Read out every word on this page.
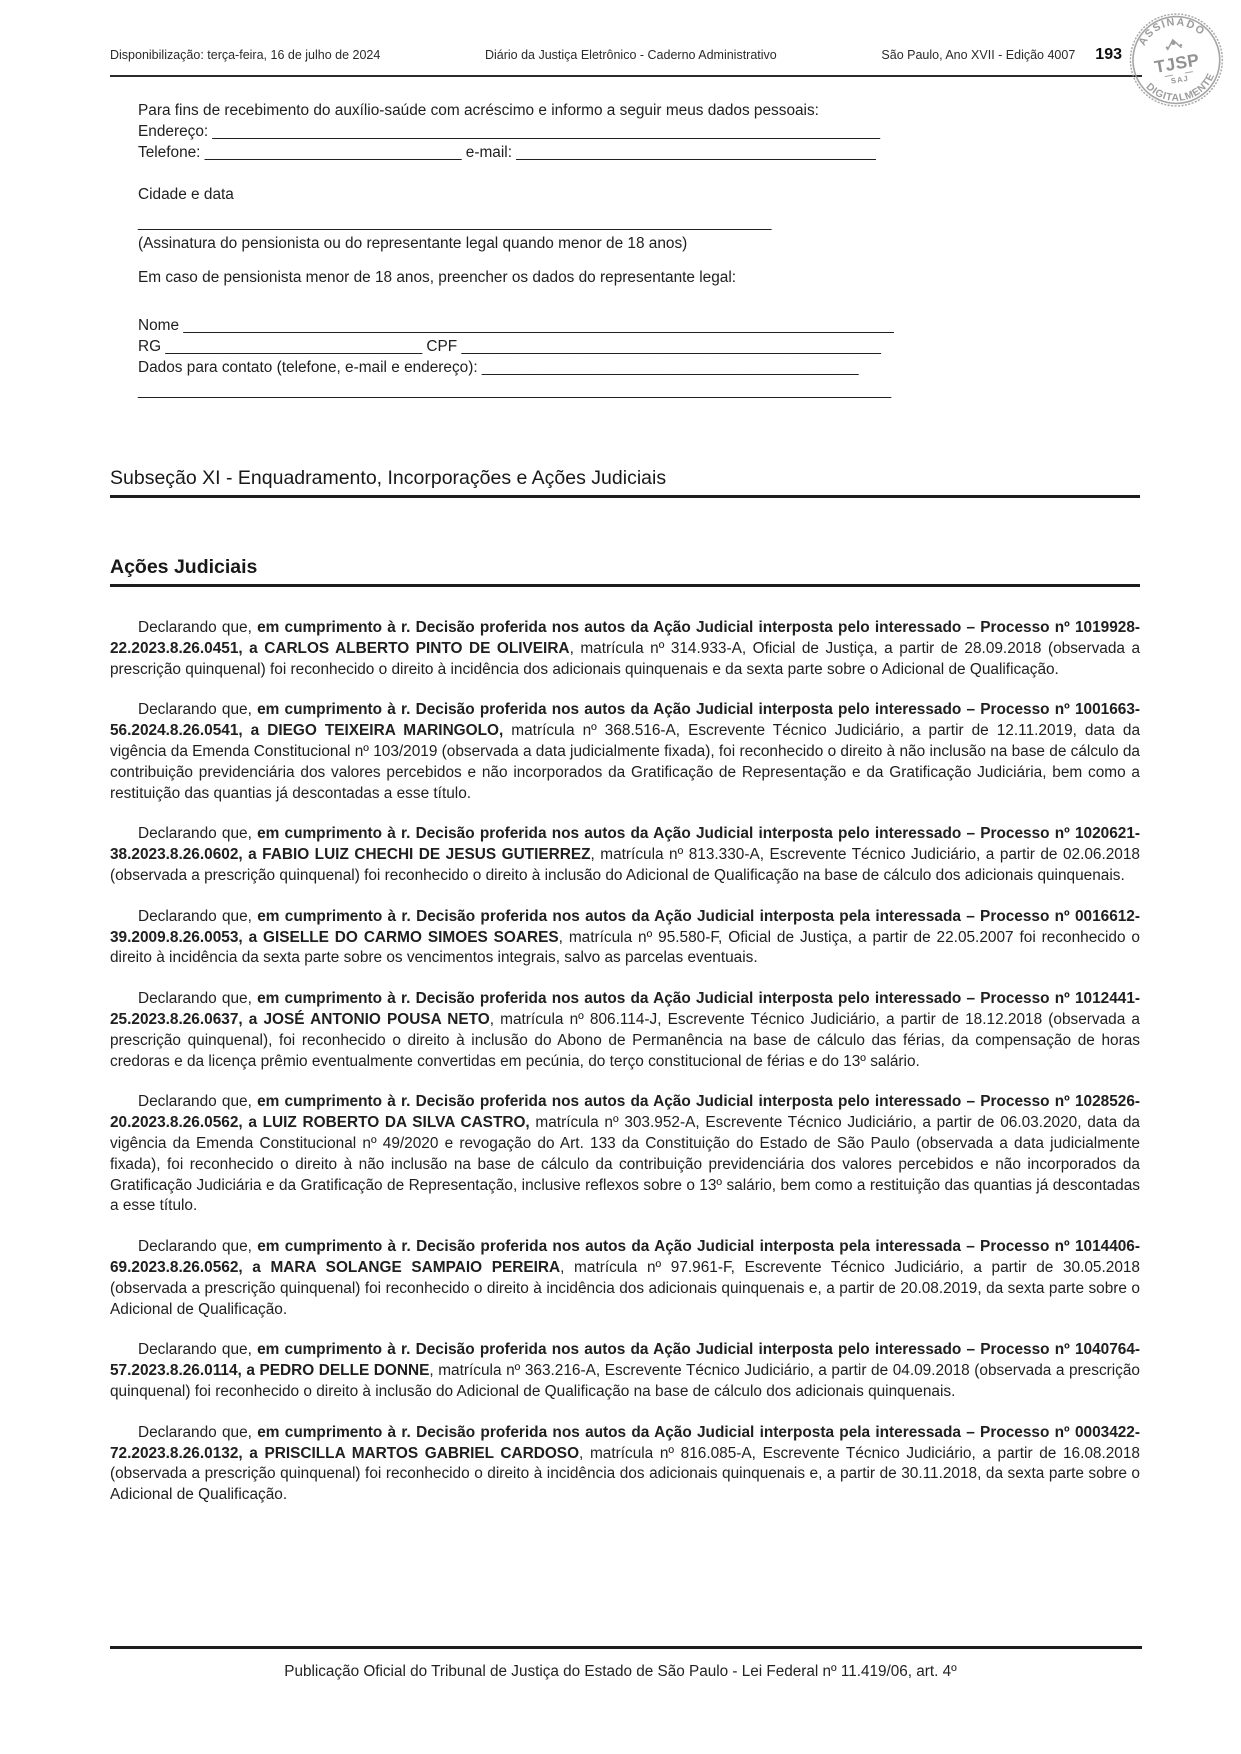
Disponibilização: terça-feira, 16 de julho de 2024	Diário da Justiça Eletrônico - Caderno Administrativo	São Paulo, Ano XVII - Edição 4007 193
ASSINADO
DIGITALMENTE
TJSP
SAJ
Para fins de recebimento do auxílio-saúde com acréscimo e informo a seguir meus dados pessoais:
Endereço: ______________________________________________________________________________
Telefone: ______________________________ e-mail: __________________________________________
Cidade e data
__________________________________________________________________________
(Assinatura do pensionista ou do representante legal quando menor de 18 anos)
Em caso de pensionista menor de 18 anos, preencher os dados do representante legal:
Nome ___________________________________________________________________________________
RG ______________________________ CPF _________________________________________________
Dados para contato (telefone, e-mail e endereço): ____________________________________________
________________________________________________________________________________________
Subseção XI - Enquadramento, Incorporações e Ações Judiciais
Ações Judiciais

Declarando que, em cumprimento à r. Decisão proferida nos autos da Ação Judicial interposta pelo interessado – Processo nº 1019928-22.2023.8.26.0451, a CARLOS ALBERTO PINTO DE OLIVEIRA, matrícula nº 314.933-A, Oficial de Justiça, a partir de 28.09.2018 (observada a prescrição quinquenal) foi reconhecido o direito à incidência dos adicionais quinquenais e da sexta parte sobre o Adicional de Qualificação.

Declarando que, em cumprimento à r. Decisão proferida nos autos da Ação Judicial interposta pelo interessado – Processo nº 1001663-56.2024.8.26.0541, a DIEGO TEIXEIRA MARINGOLO, matrícula nº 368.516-A, Escrevente Técnico Judiciário, a partir de 12.11.2019, data da vigência da Emenda Constitucional nº 103/2019 (observada a data judicialmente fixada), foi reconhecido o direito à não inclusão na base de cálculo da contribuição previdenciária dos valores percebidos e não incorporados da Gratificação de Representação e da Gratificação Judiciária, bem como a restituição das quantias já descontadas a esse título.

Declarando que, em cumprimento à r. Decisão proferida nos autos da Ação Judicial interposta pelo interessado – Processo nº 1020621-38.2023.8.26.0602, a FABIO LUIZ CHECHI DE JESUS GUTIERREZ, matrícula nº 813.330-A, Escrevente Técnico Judiciário, a partir de 02.06.2018 (observada a prescrição quinquenal) foi reconhecido o direito à inclusão do Adicional de Qualificação na base de cálculo dos adicionais quinquenais.

Declarando que, em cumprimento à r. Decisão proferida nos autos da Ação Judicial interposta pela interessada – Processo nº 0016612-39.2009.8.26.0053, a GISELLE DO CARMO SIMOES SOARES, matrícula nº 95.580-F, Oficial de Justiça, a partir de 22.05.2007 foi reconhecido o direito à incidência da sexta parte sobre os vencimentos integrais, salvo as parcelas eventuais.

Declarando que, em cumprimento à r. Decisão proferida nos autos da Ação Judicial interposta pelo interessado – Processo nº 1012441-25.2023.8.26.0637, a JOSÉ ANTONIO POUSA NETO, matrícula nº 806.114-J, Escrevente Técnico Judiciário, a partir de 18.12.2018 (observada a prescrição quinquenal), foi reconhecido o direito à inclusão do Abono de Permanência na base de cálculo das férias, da compensação de horas credoras e da licença prêmio eventualmente convertidas em pecúnia, do terço constitucional de férias e do 13º salário.

Declarando que, em cumprimento à r. Decisão proferida nos autos da Ação Judicial interposta pelo interessado – Processo nº 1028526-20.2023.8.26.0562, a LUIZ ROBERTO DA SILVA CASTRO, matrícula nº 303.952-A, Escrevente Técnico Judiciário, a partir de 06.03.2020, data da vigência da Emenda Constitucional nº 49/2020 e revogação do Art. 133 da Constituição do Estado de São Paulo (observada a data judicialmente fixada), foi reconhecido o direito à não inclusão na base de cálculo da contribuição previdenciária dos valores percebidos e não incorporados da Gratificação Judiciária e da Gratificação de Representação, inclusive reflexos sobre o 13º salário, bem como a restituição das quantias já descontadas a esse título.

Declarando que, em cumprimento à r. Decisão proferida nos autos da Ação Judicial interposta pela interessada – Processo nº 1014406-69.2023.8.26.0562, a MARA SOLANGE SAMPAIO PEREIRA, matrícula nº 97.961-F, Escrevente Técnico Judiciário, a partir de 30.05.2018 (observada a prescrição quinquenal) foi reconhecido o direito à incidência dos adicionais quinquenais e, a partir de 20.08.2019, da sexta parte sobre o Adicional de Qualificação.

Declarando que, em cumprimento à r. Decisão proferida nos autos da Ação Judicial interposta pelo interessado – Processo nº 1040764-57.2023.8.26.0114, a PEDRO DELLE DONNE, matrícula nº 363.216-A, Escrevente Técnico Judiciário, a partir de 04.09.2018 (observada a prescrição quinquenal) foi reconhecido o direito à inclusão do Adicional de Qualificação na base de cálculo dos adicionais quinquenais.

Declarando que, em cumprimento à r. Decisão proferida nos autos da Ação Judicial interposta pela interessada – Processo nº 0003422-72.2023.8.26.0132, a PRISCILLA MARTOS GABRIEL CARDOSO, matrícula nº 816.085-A, Escrevente Técnico Judiciário, a partir de 16.08.2018 (observada a prescrição quinquenal) foi reconhecido o direito à incidência dos adicionais quinquenais e, a partir de 30.11.2018, da sexta parte sobre o Adicional de Qualificação.

Publicação Oficial do Tribunal de Justiça do Estado de São Paulo - Lei Federal nº 11.419/06, art. 4º
